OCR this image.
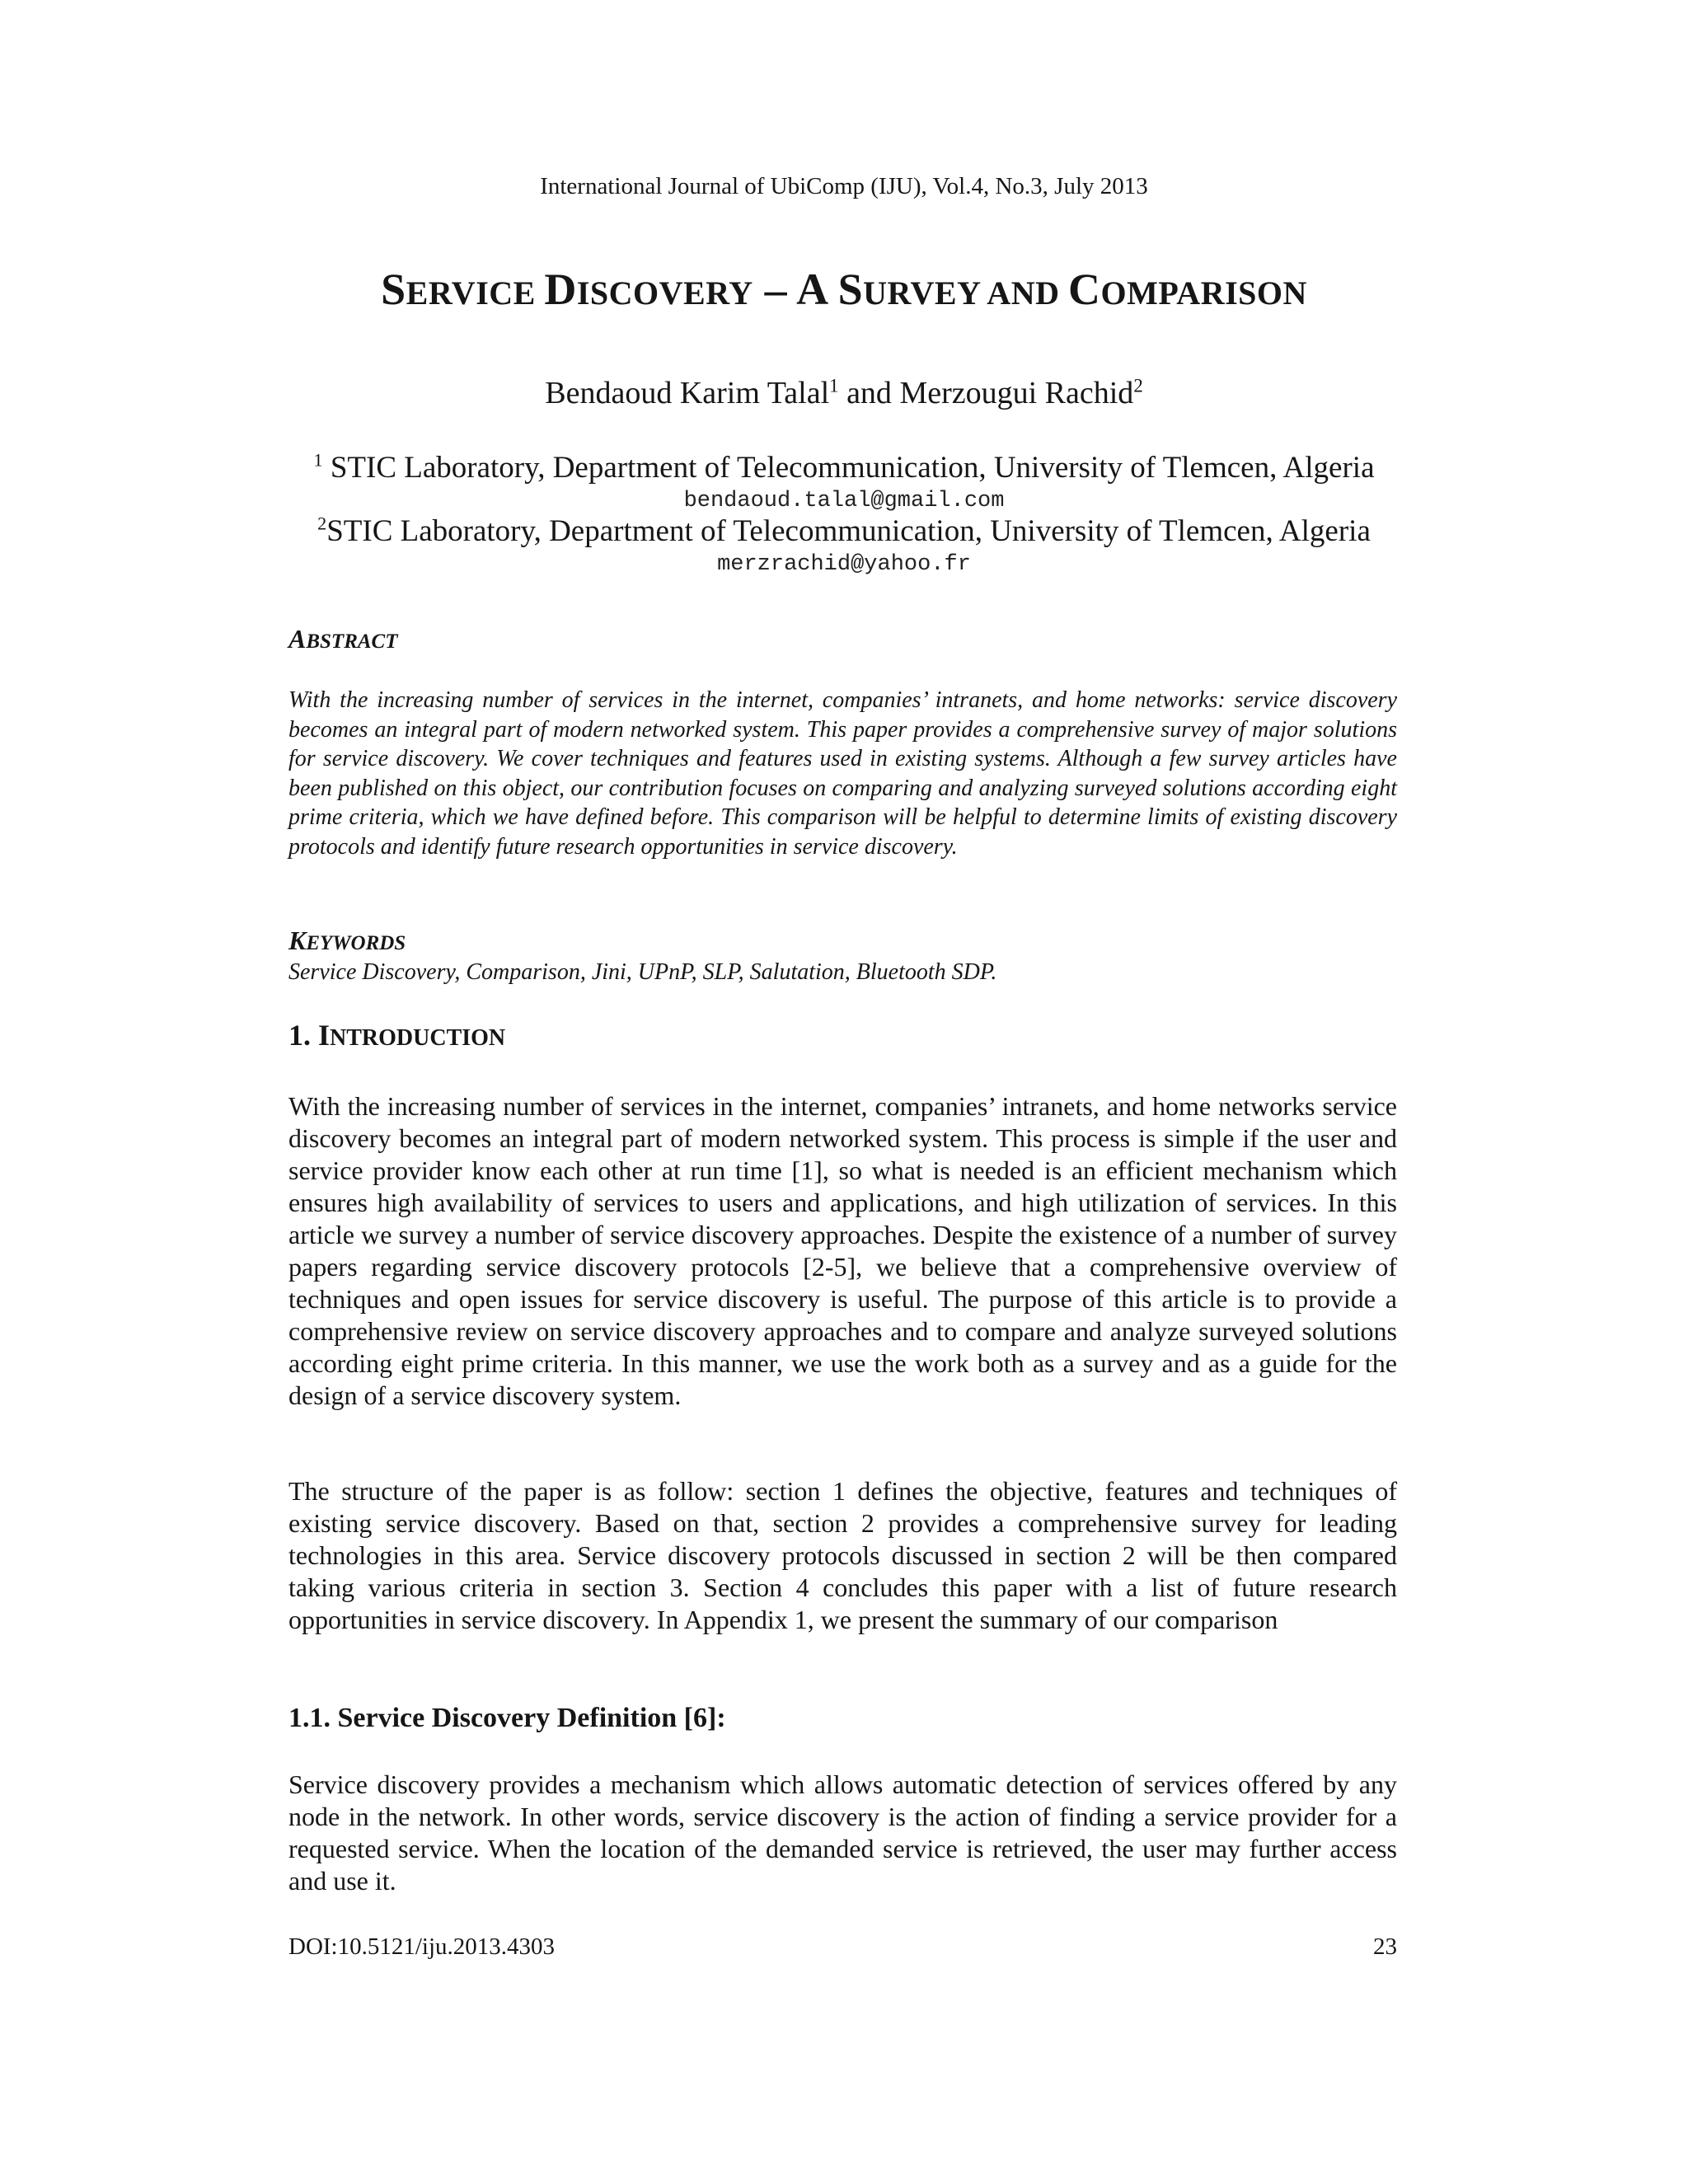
International Journal of UbiComp (IJU), Vol.4, No.3, July 2013
SERVICE DISCOVERY – A SURVEY AND COMPARISON
Bendaoud Karim Talal$^1$ and Merzougui Rachid$^2$
$^1$ STIC Laboratory, Department of Telecommunication, University of Tlemcen, Algeria
bendaoud.talal@gmail.com
$^2$STIC Laboratory, Department of Telecommunication, University of Tlemcen, Algeria
merzrachid@yahoo.fr
ABSTRACT
With the increasing number of services in the internet, companies’ intranets, and home networks: service discovery becomes an integral part of modern networked system. This paper provides a comprehensive survey of major solutions for service discovery. We cover techniques and features used in existing systems. Although a few survey articles have been published on this object, our contribution focuses on comparing and analyzing surveyed solutions according eight prime criteria, which we have defined before. This comparison will be helpful to determine limits of existing discovery protocols and identify future research opportunities in service discovery.
KEYWORDS
Service Discovery, Comparison, Jini, UPnP, SLP, Salutation, Bluetooth SDP.
1. INTRODUCTION
With the increasing number of services in the internet, companies’ intranets, and home networks service discovery becomes an integral part of modern networked system. This process is simple if the user and service provider know each other at run time [1], so what is needed is an efficient mechanism which ensures high availability of services to users and applications, and high utilization of services. In this article we survey a number of service discovery approaches. Despite the existence of a number of survey papers regarding service discovery protocols [2-5], we believe that a comprehensive overview of techniques and open issues for service discovery is useful. The purpose of this article is to provide a comprehensive review on service discovery approaches and to compare and analyze surveyed solutions according eight prime criteria. In this manner, we use the work both as a survey and as a guide for the design of a service discovery system.
The structure of the paper is as follow: section 1 defines the objective, features and techniques of existing service discovery. Based on that, section 2 provides a comprehensive survey for leading technologies in this area. Service discovery protocols discussed in section 2 will be then compared taking various criteria in section 3. Section 4 concludes this paper with a list of future research opportunities in service discovery. In Appendix 1, we present the summary of our comparison
1.1. Service Discovery Definition [6]:
Service discovery provides a mechanism which allows automatic detection of services offered by any node in the network. In other words, service discovery is the action of finding a service provider for a requested service. When the location of the demanded service is retrieved, the user may further access and use it.
DOI:10.5121/iju.2013.4303	23
